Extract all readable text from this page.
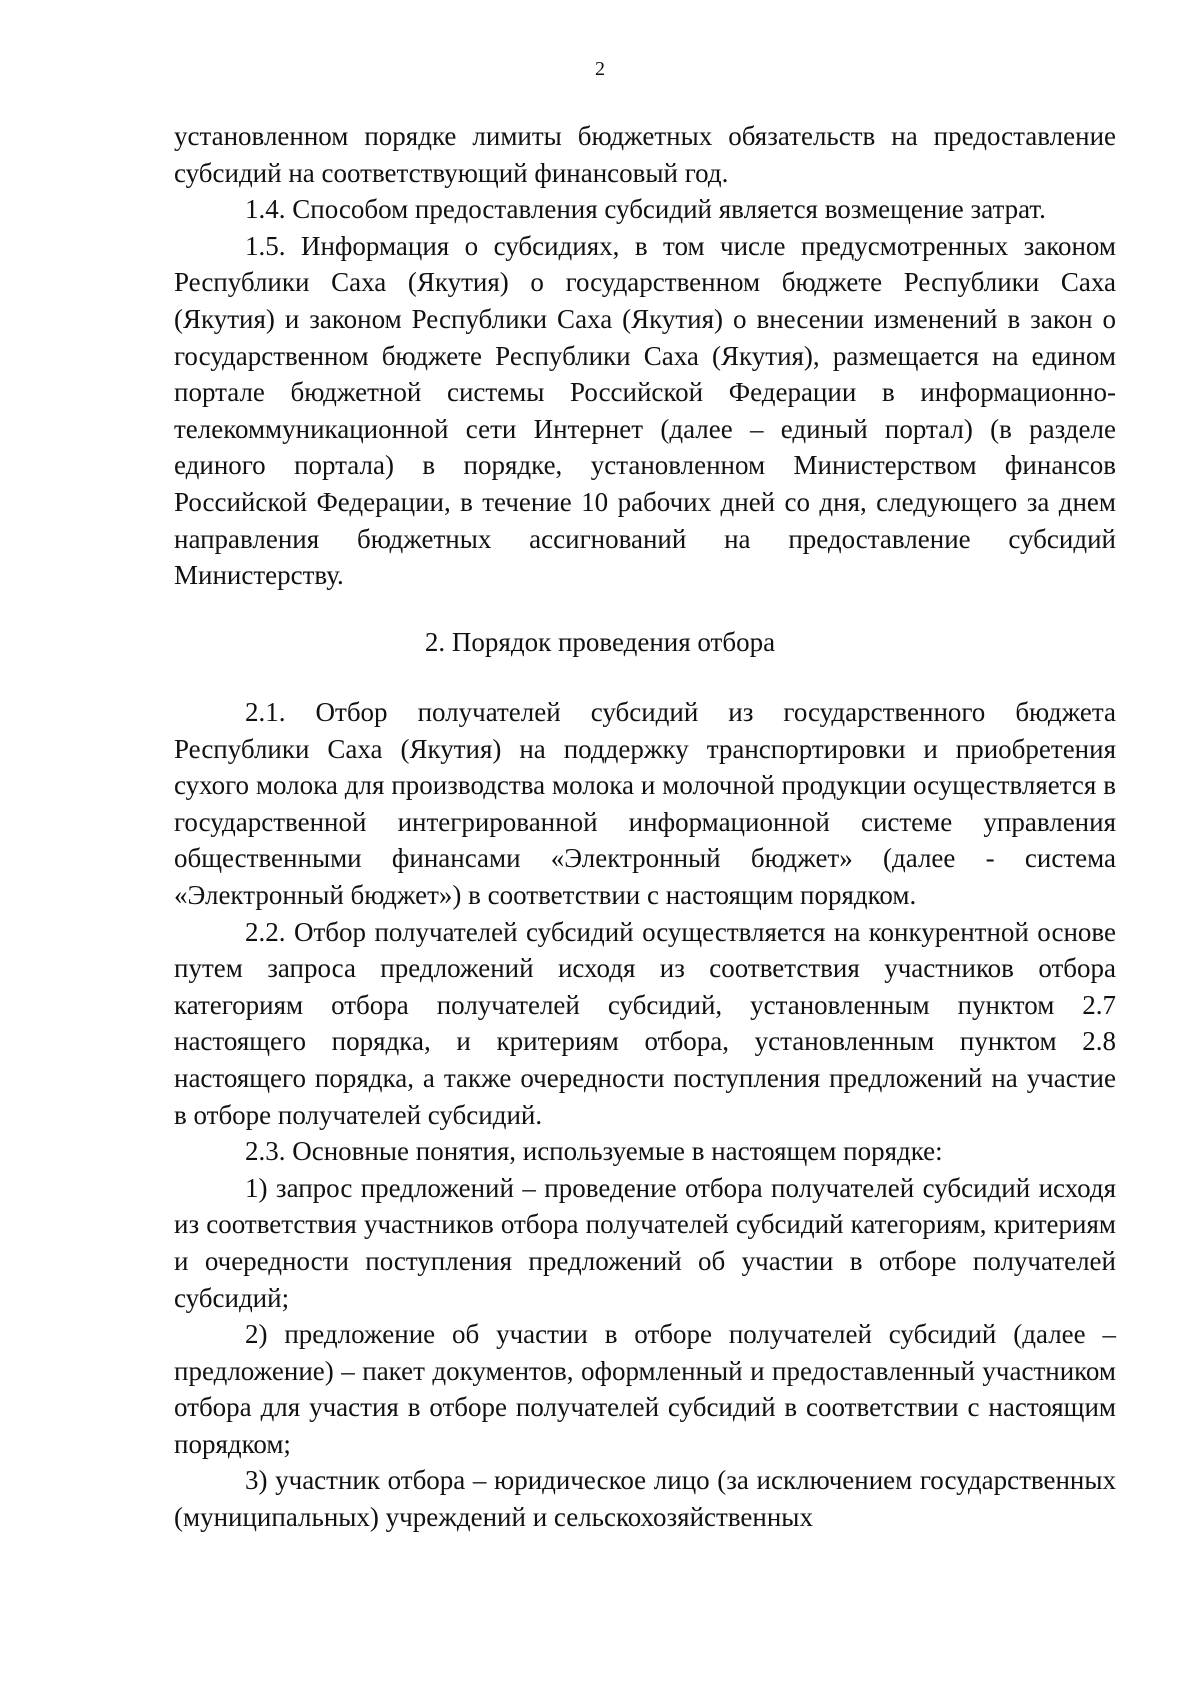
2

установленном порядке лимиты бюджетных обязательств на предоставление субсидий на соответствующий финансовый год.

1.4. Способом предоставления субсидий является возмещение затрат.

1.5. Информация о субсидиях, в том числе предусмотренных законом Республики Саха (Якутия) о государственном бюджете Республики Саха (Якутия) и законом Республики Саха (Якутия) о внесении изменений в закон о государственном бюджете Республики Саха (Якутия), размещается на едином портале бюджетной системы Российской Федерации в информационно-телекоммуникационной сети Интернет (далее – единый портал) (в разделе единого портала) в порядке, установленном Министерством финансов Российской Федерации, в течение 10 рабочих дней со дня, следующего за днем направления бюджетных ассигнований на предоставление субсидий Министерству.

2. Порядок проведения отбора

2.1. Отбор получателей субсидий из государственного бюджета Республики Саха (Якутия) на поддержку транспортировки и приобретения сухого молока для производства молока и молочной продукции осуществляется в государственной интегрированной информационной системе управления общественными финансами «Электронный бюджет» (далее - система «Электронный бюджет») в соответствии с настоящим порядком.

2.2. Отбор получателей субсидий осуществляется на конкурентной основе путем запроса предложений исходя из соответствия участников отбора категориям отбора получателей субсидий, установленным пунктом 2.7 настоящего порядка, и критериям отбора, установленным пунктом 2.8 настоящего порядка, а также очередности поступления предложений на участие в отборе получателей субсидий.

2.3. Основные понятия, используемые в настоящем порядке:

1) запрос предложений – проведение отбора получателей субсидий исходя из соответствия участников отбора получателей субсидий категориям, критериям и очередности поступления предложений об участии в отборе получателей субсидий;

2) предложение об участии в отборе получателей субсидий (далее – предложение) – пакет документов, оформленный и предоставленный участником отбора для участия в отборе получателей субсидий в соответствии с настоящим порядком;

3) участник отбора – юридическое лицо (за исключением государственных (муниципальных) учреждений и сельскохозяйственных
